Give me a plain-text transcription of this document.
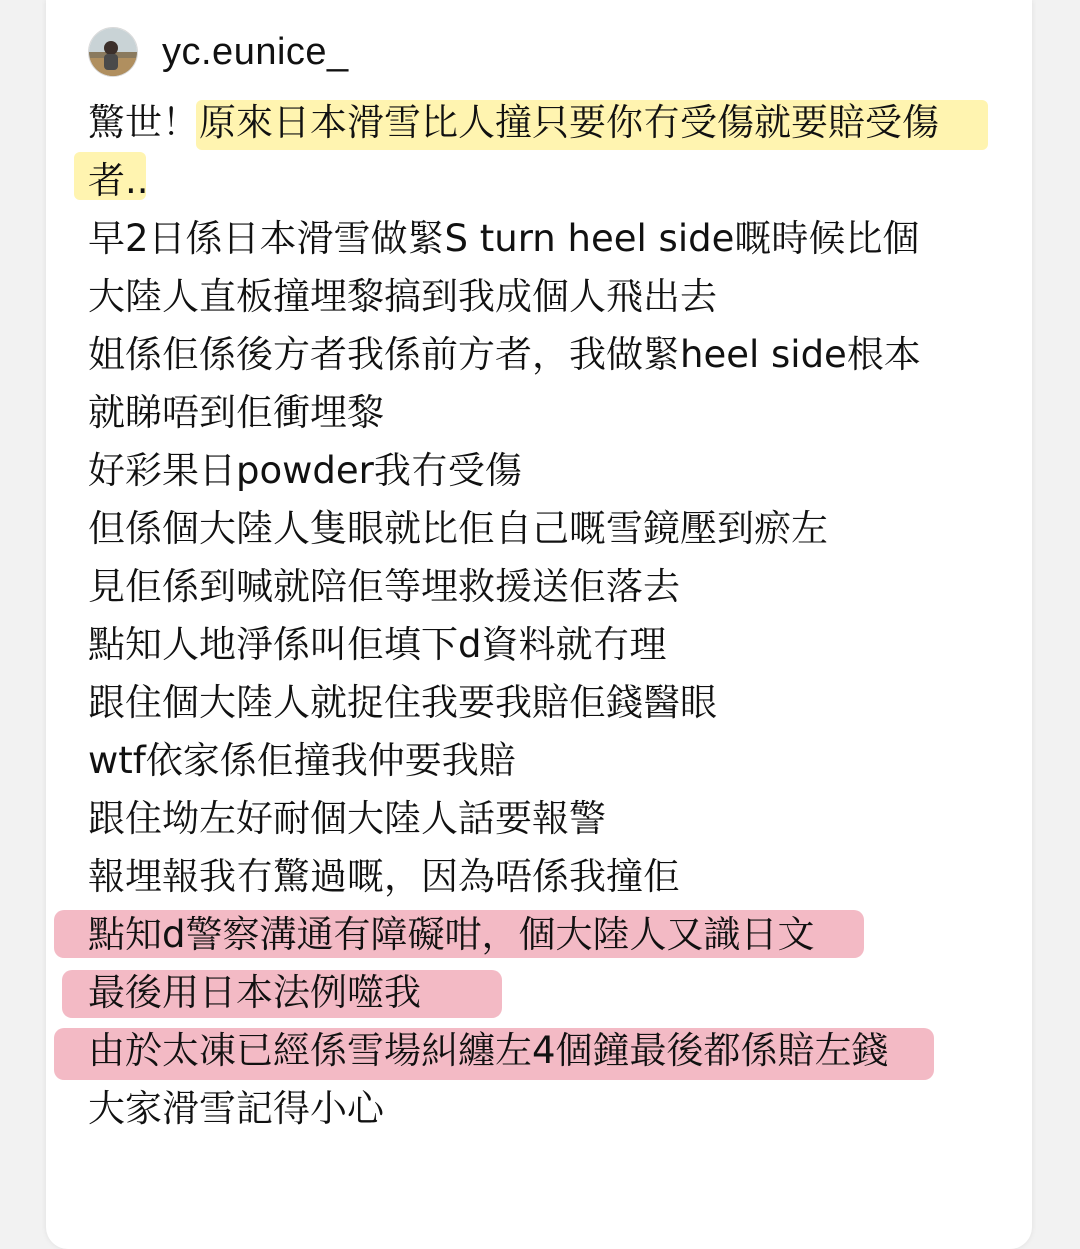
yc.eunice_
驚世！原來日本滑雪比人撞只要你冇受傷就要賠受傷
者..
早2日係日本滑雪做緊S turn heel side嘅時候比個
大陸人直板撞埋黎搞到我成個人飛出去
姐係佢係後方者我係前方者，我做緊heel side根本
就睇唔到佢衝埋黎
好彩果日powder我冇受傷
但係個大陸人隻眼就比佢自己嘅雪鏡壓到瘀左
見佢係到喊就陪佢等埋救援送佢落去
點知人地淨係叫佢填下d資料就冇理
跟住個大陸人就捉住我要我賠佢錢醫眼
wtf依家係佢撞我仲要我賠
跟住坳左好耐個大陸人話要報警
報埋報我冇驚過嘅，因為唔係我撞佢
點知d警察溝通有障礙咁，個大陸人又識日文
最後用日本法例噬我
由於太凍已經係雪場糾纏左4個鐘最後都係賠左錢
大家滑雪記得小心
